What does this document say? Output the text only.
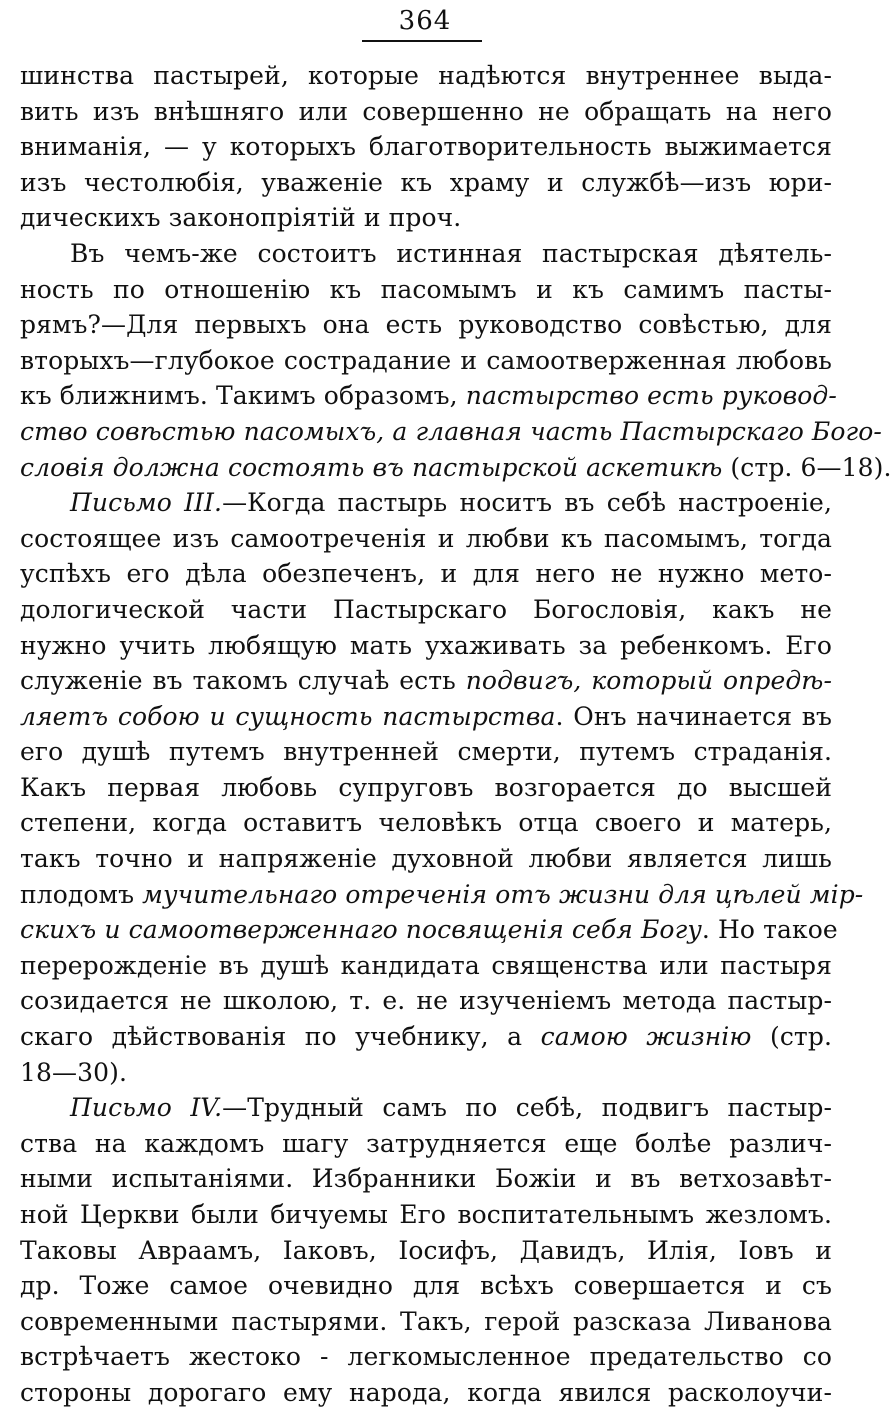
364
шинства пастырей, которые надѣются внутреннее выда-
вить изъ внѣшняго или совершенно не обращать на него
вниманія, — у которыхъ благотворительность выжимается
изъ честолюбія, уваженіе къ храму и службѣ—изъ юри-
дическихъ законопріятій и проч.
Въ чемъ-же состоитъ истинная пастырская дѣятель-
ность по отношенію къ пасомымъ и къ самимъ пасты-
рямъ?—Для первыхъ она есть руководство совѣстью, для
вторыхъ—глубокое сострадание и самоотверженная любовь
къ ближнимъ. Такимъ образомъ, пастырство есть руковод-
ство совѣстью пасомыхъ, а главная часть Пастырскаго Бого-
словія должна состоять въ пастырской аскетикѣ (стр. 6—18).
Письмо III.—Когда пастырь носитъ въ себѣ настроеніе,
состоящее изъ самоотреченія и любви къ пасомымъ, тогда
успѣхъ его дѣла обезпеченъ, и для него не нужно мето-
дологической части Пастырскаго Богословія, какъ не
нужно учить любящую мать ухаживать за ребенкомъ. Его
служеніе въ такомъ случаѣ есть подвигъ, который опредѣ-
ляетъ собою и сущность пастырства. Онъ начинается въ
его душѣ путемъ внутренней смерти, путемъ страданія.
Какъ первая любовь супруговъ возгорается до высшей
степени, когда оставитъ человѣкъ отца своего и матерь,
такъ точно и напряженіе духовной любви является лишь
плодомъ мучительнаго отреченія отъ жизни для цѣлей мір-
скихъ и самоотверженнаго посвященія себя Богу. Но такое
перерожденіе въ душѣ кандидата священства или пастыря
созидается не школою, т. е. не изученіемъ метода пастыр-
скаго дѣйствованія по учебнику, а самою жизнію (стр.
18—30).
Письмо IV.—Трудный самъ по себѣ, подвигъ пастыр-
ства на каждомъ шагу затрудняется еще болѣе различ-
ными испытаніями. Избранники Божіи и въ ветхозавѣт-
ной Церкви были бичуемы Его воспитательнымъ жезломъ.
Таковы Авраамъ, Іаковъ, Іосифъ, Давидъ, Илія, Іовъ и
др. Тоже самое очевидно для всѣхъ совершается и съ
современными пастырями. Такъ, герой разсказа Ливанова
встрѣчаетъ жестоко - легкомысленное предательство со
стороны дорогаго ему народа, когда явился расколоучи-
